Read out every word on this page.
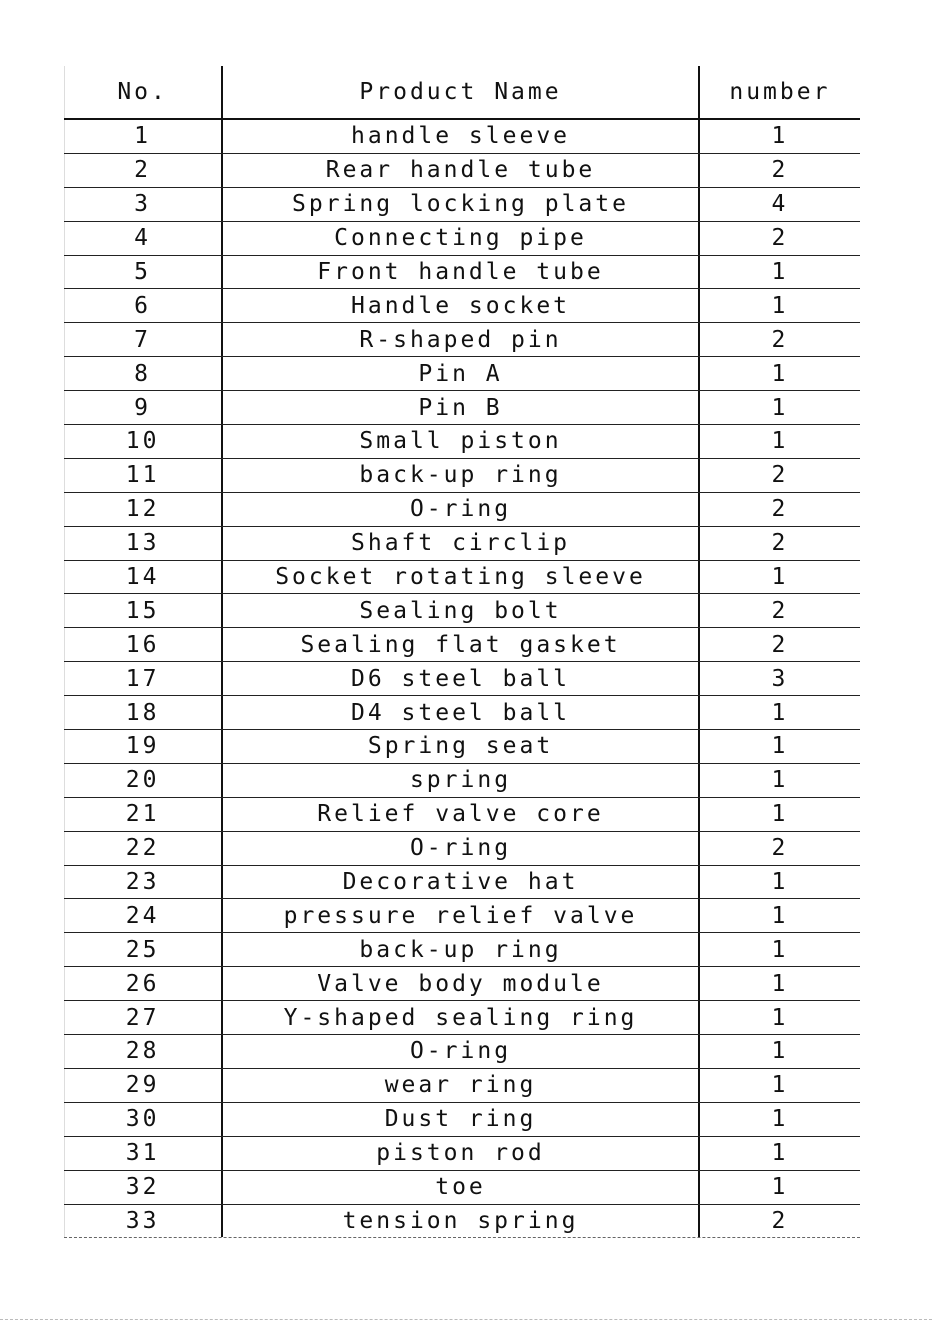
No.	Product Name	number
1	handle sleeve	1
2	Rear handle tube	2
3	Spring locking plate	4
4	Connecting pipe	2
5	Front handle tube	1
6	Handle socket	1
7	R-shaped pin	2
8	Pin A	1
9	Pin B	1
10	Small piston	1
11	back-up ring	2
12	O-ring	2
13	Shaft circlip	2
14	Socket rotating sleeve	1
15	Sealing bolt	2
16	Sealing flat gasket	2
17	D6 steel ball	3
18	D4 steel ball	1
19	Spring seat	1
20	spring	1
21	Relief valve core	1
22	O-ring	2
23	Decorative hat	1
24	pressure relief valve	1
25	back-up ring	1
26	Valve body module	1
27	Y-shaped sealing ring	1
28	O-ring	1
29	wear ring	1
30	Dust ring	1
31	piston rod	1
32	toe	1
33	tension spring	2
